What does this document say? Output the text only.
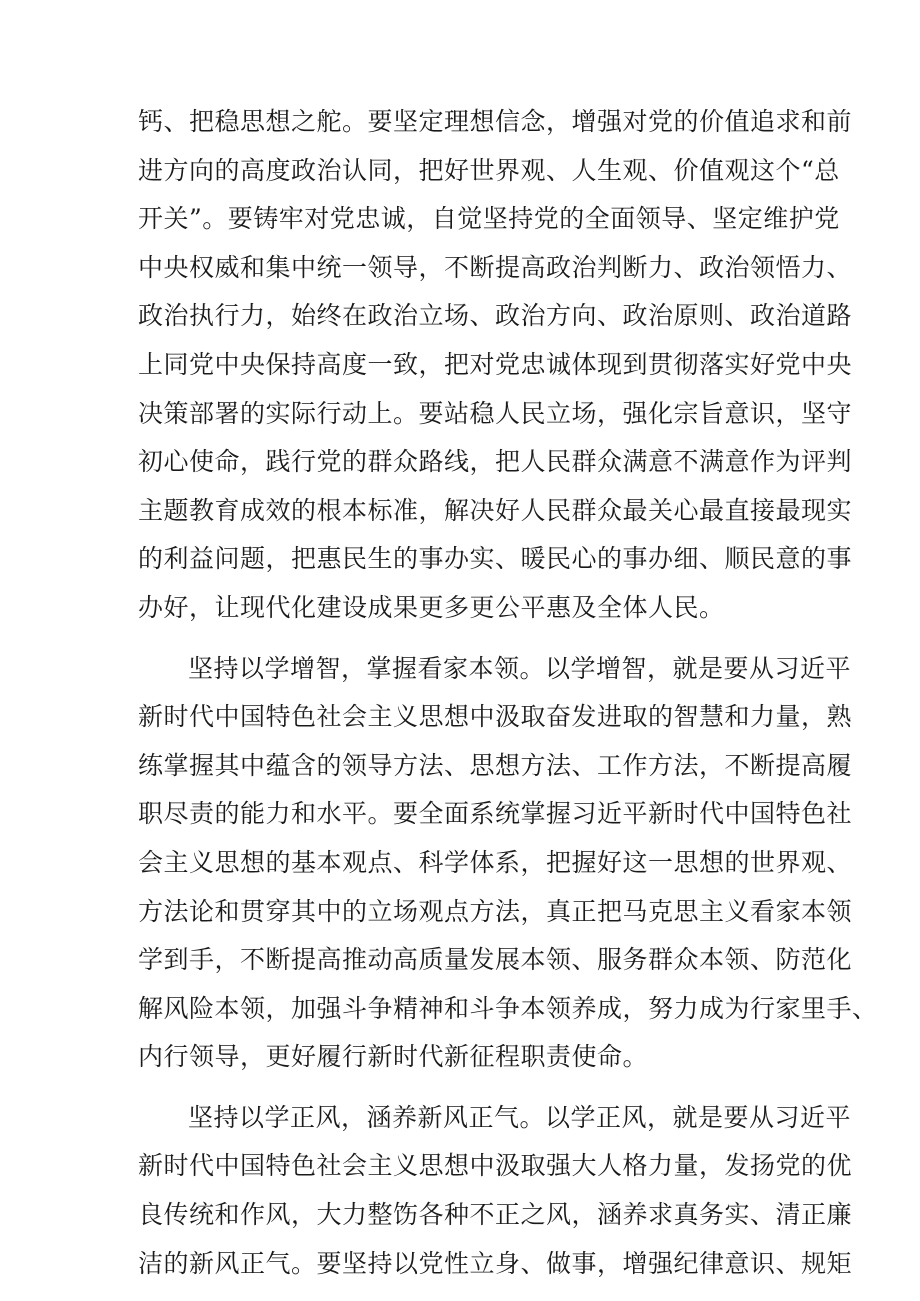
钙、把稳思想之舵。要坚定理想信念，增强对党的价值追求和前
进方向的高度政治认同，把好世界观、人生观、价值观这个“总
开关”。要铸牢对党忠诚，自觉坚持党的全面领导、坚定维护党
中央权威和集中统一领导，不断提高政治判断力、政治领悟力、
政治执行力，始终在政治立场、政治方向、政治原则、政治道路
上同党中央保持高度一致，把对党忠诚体现到贯彻落实好党中央
决策部署的实际行动上。要站稳人民立场，强化宗旨意识，坚守
初心使命，践行党的群众路线，把人民群众满意不满意作为评判
主题教育成效的根本标准，解决好人民群众最关心最直接最现实
的利益问题，把惠民生的事办实、暖民心的事办细、顺民意的事
办好，让现代化建设成果更多更公平惠及全体人民。
坚持以学增智，掌握看家本领。以学增智，就是要从习近平
新时代中国特色社会主义思想中汲取奋发进取的智慧和力量，熟
练掌握其中蕴含的领导方法、思想方法、工作方法，不断提高履
职尽责的能力和水平。要全面系统掌握习近平新时代中国特色社
会主义思想的基本观点、科学体系，把握好这一思想的世界观、
方法论和贯穿其中的立场观点方法，真正把马克思主义看家本领
学到手，不断提高推动高质量发展本领、服务群众本领、防范化
解风险本领，加强斗争精神和斗争本领养成，努力成为行家里手、
内行领导，更好履行新时代新征程职责使命。
坚持以学正风，涵养新风正气。以学正风，就是要从习近平
新时代中国特色社会主义思想中汲取强大人格力量，发扬党的优
良传统和作风，大力整饬各种不正之风，涵养求真务实、清正廉
洁的新风正气。要坚持以党性立身、做事，增强纪律意识、规矩
